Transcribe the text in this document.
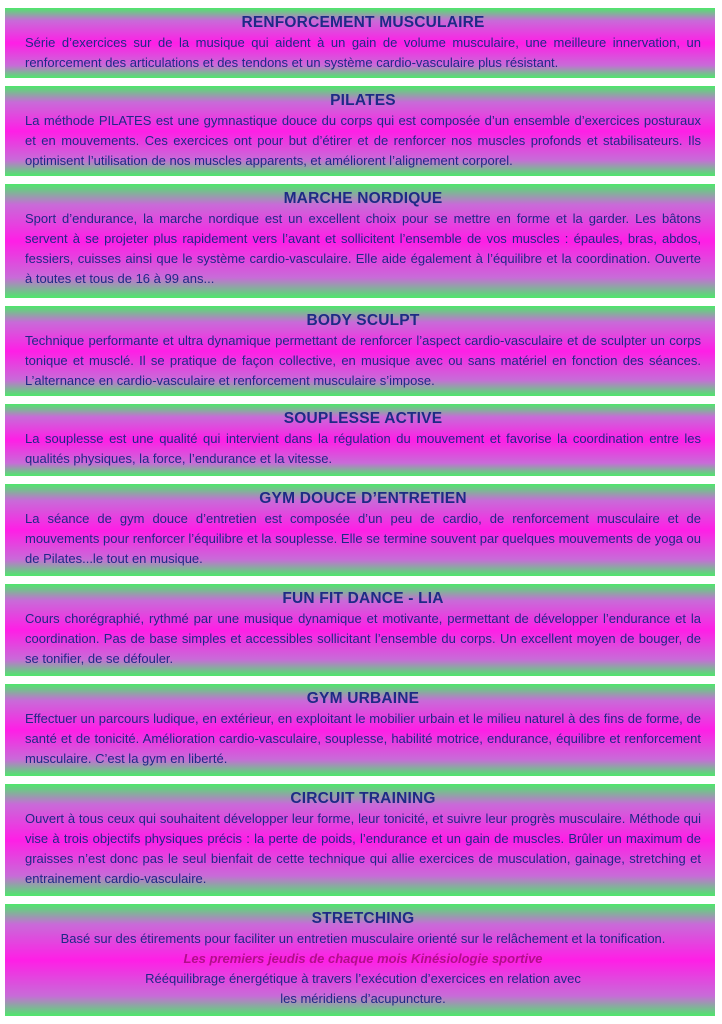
RENFORCEMENT MUSCULAIRE
Série d’exercices sur de la musique qui aident à un gain de volume musculaire, une meilleure innervation, un renforcement des articulations et des tendons et un système cardio-vasculaire plus résistant.
PILATES
La méthode PILATES est une gymnastique douce du corps qui est composée d’un ensemble d’exercices posturaux et en mouvements. Ces exercices ont pour but d’étirer et de renforcer nos muscles profonds et stabilisateurs. Ils optimisent l’utilisation de nos muscles apparents, et améliorent l’alignement corporel.
MARCHE NORDIQUE
Sport d’endurance, la marche nordique est un excellent choix pour se mettre en forme et la garder. Les bâtons servent à se projeter plus rapidement vers l’avant et sollicitent l’ensemble de vos muscles : épaules, bras, abdos, fessiers, cuisses ainsi que le système cardio-vasculaire. Elle aide également à l’équilibre et la coordination. Ouverte à toutes et tous de 16 à 99 ans...
BODY SCULPT
Technique performante et ultra dynamique permettant de renforcer l’aspect cardio-vasculaire et de sculpter un corps tonique et musclé. Il se pratique de façon collective, en musique avec ou sans matériel en fonction des séances. L’alternance en cardio-vasculaire et renforcement musculaire s’impose.
SOUPLESSE ACTIVE
La souplesse est une qualité qui intervient dans la régulation du mouvement et favorise la coordination entre les qualités physiques, la force, l’endurance et la vitesse.
GYM DOUCE D’ENTRETIEN
La séance de gym douce d’entretien est composée d’un peu de cardio, de renforcement musculaire et de mouvements pour renforcer l’équilibre et la souplesse. Elle se termine souvent par quelques mouvements de yoga ou de Pilates...le tout en musique.
FUN FIT DANCE - LIA
Cours chorégraphié, rythmé par une musique dynamique et motivante, permettant de développer l’endurance et la coordination. Pas de base simples et accessibles sollicitant l’ensemble du corps. Un excellent moyen de bouger, de se tonifier, de se défouler.
GYM URBAINE
Effectuer un parcours ludique, en extérieur, en exploitant le mobilier urbain et le milieu naturel à des fins de forme, de santé et de tonicité. Amélioration cardio-vasculaire, souplesse, habilité motrice, endurance, équilibre et renforcement musculaire. C’est la gym en liberté.
CIRCUIT TRAINING
Ouvert à tous ceux qui souhaitent développer leur forme, leur tonicité, et suivre leur progrès musculaire. Méthode qui vise à trois objectifs physiques précis : la perte de poids, l’endurance et un gain de muscles. Brûler un maximum de graisses n’est donc pas le seul bienfait de cette technique qui allie exercices de musculation, gainage, stretching et entrainement cardio-vasculaire.
STRETCHING
Basé sur des étirements pour faciliter un entretien musculaire orienté sur le relâchement et la tonification.
Les premiers jeudis de chaque mois Kinésiologie sportive
Rééquilibrage énergétique à travers l’exécution d’exercices en relation avec
les méridiens d’acupuncture.
